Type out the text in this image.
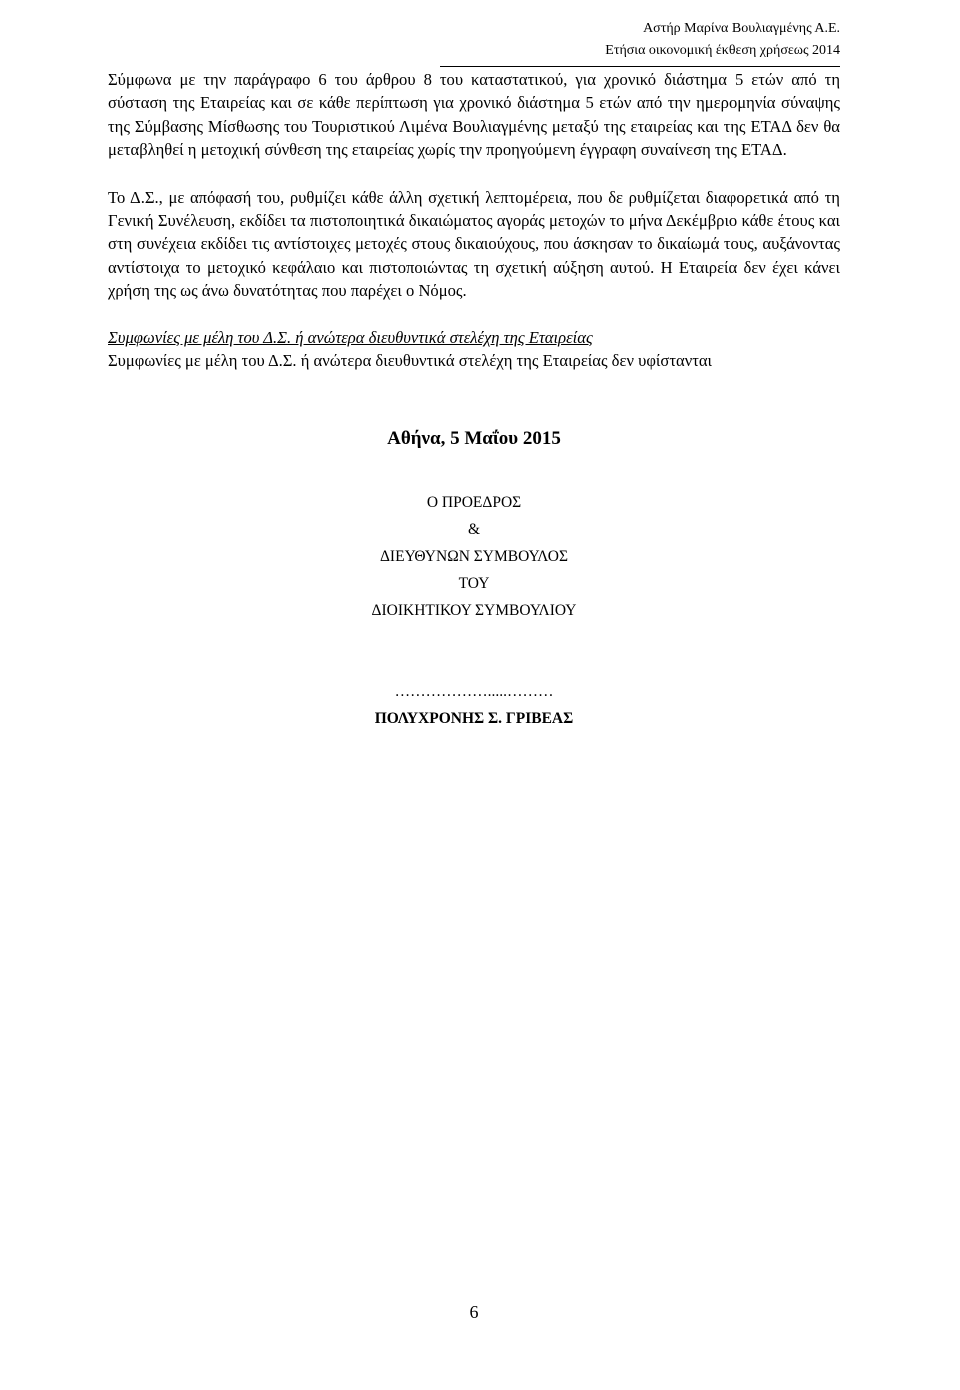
Αστήρ Μαρίνα Βουλιαγμένης Α.Ε.
Ετήσια οικονομική έκθεση χρήσεως 2014

Σύμφωνα με την παράγραφο 6 του άρθρου 8 του καταστατικού, για χρονικό διάστημα 5 ετών από τη σύσταση της Εταιρείας και σε κάθε περίπτωση για χρονικό διάστημα 5 ετών από την ημερομηνία σύναψης της Σύμβασης Μίσθωσης του Τουριστικού Λιμένα Βουλιαγμένης μεταξύ της εταιρείας και της ΕΤΑΔ δεν θα μεταβληθεί η μετοχική σύνθεση της εταιρείας χωρίς την προηγούμενη έγγραφη συναίνεση της ΕΤΑΔ.

Το Δ.Σ., με απόφασή του, ρυθμίζει κάθε άλλη σχετική λεπτομέρεια, που δε ρυθμίζεται διαφορετικά από τη Γενική Συνέλευση, εκδίδει τα πιστοποιητικά δικαιώματος αγοράς μετοχών το μήνα Δεκέμβριο κάθε έτους και στη συνέχεια εκδίδει τις αντίστοιχες μετοχές στους δικαιούχους, που άσκησαν το δικαίωμά τους, αυξάνοντας αντίστοιχα το μετοχικό κεφάλαιο και πιστοποιώντας τη σχετική αύξηση αυτού. Η Εταιρεία δεν έχει κάνει χρήση της ως άνω δυνατότητας που παρέχει ο Νόμος.

Συμφωνίες με μέλη του Δ.Σ. ή ανώτερα διευθυντικά στελέχη της Εταιρείας

Συμφωνίες με μέλη του Δ.Σ. ή ανώτερα διευθυντικά στελέχη της Εταιρείας δεν υφίστανται

Αθήνα, 5 Μαΐου 2015
Ο ΠΡΟΕΔΡΟΣ
&
ΔΙΕΥΘΥΝΩΝ ΣΥΜΒΟΥΛΟΣ
ΤΟΥ
ΔΙΟΙΚΗΤΙΚΟΥ ΣΥΜΒΟΥΛΙΟΥ
……………….....………
ΠΟΛΥΧΡΟΝΗΣ Σ. ΓΡΙΒΕΑΣ
6
